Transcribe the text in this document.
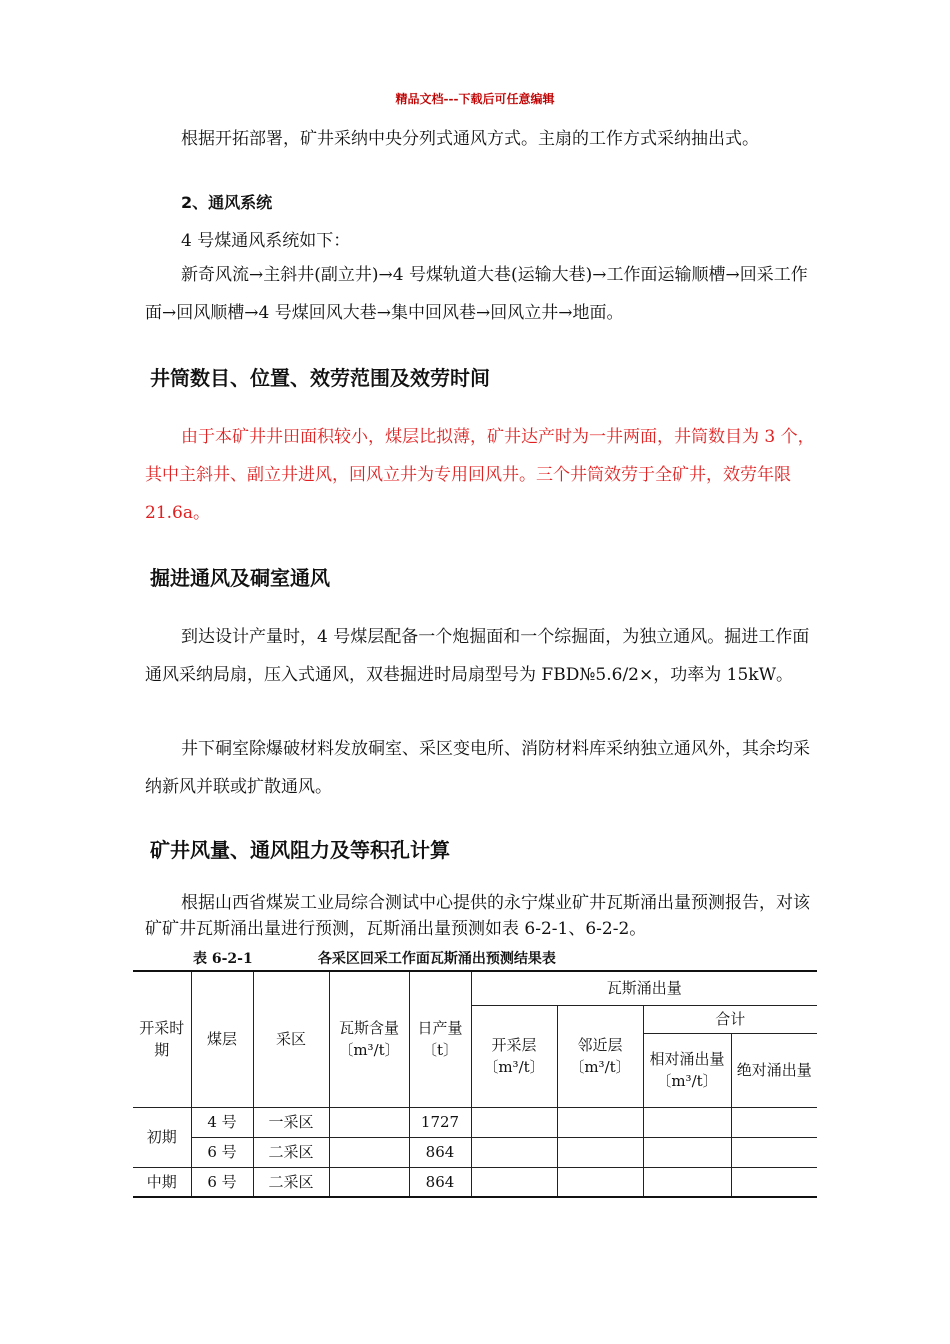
精品文档---下载后可任意编辑

根据开拓部署，矿井采纳中央分列式通风方式。主扇的工作方式采纳抽出式。

2、通风系统

4 号煤通风系统如下：

新奇风流→主斜井(副立井)→4 号煤轨道大巷(运输大巷)→工作面运输顺槽→回采工作面→回风顺槽→4 号煤回风大巷→集中回风巷→回风立井→地面。

井筒数目、位置、效劳范围及效劳时间

由于本矿井井田面积较小，煤层比拟薄，矿井达产时为一井两面，井筒数目为 3 个，其中主斜井、副立井进风，回风立井为专用回风井。三个井筒效劳于全矿井，效劳年限 21.6a。

掘进通风及硐室通风

到达设计产量时，4 号煤层配备一个炮掘面和一个综掘面，为独立通风。掘进工作面通风采纳局扇，压入式通风，双巷掘进时局扇型号为 FBD№5.6/2×，功率为 15kW。

井下硐室除爆破材料发放硐室、采区变电所、消防材料库采纳独立通风外，其余均采纳新风并联或扩散通风。

矿井风量、通风阻力及等积孔计算

根据山西省煤炭工业局综合测试中心提供的永宁煤业矿井瓦斯涌出量预测报告，对该矿矿井瓦斯涌出量进行预测，瓦斯涌出量预测如表 6-2-1、6-2-2。

表 6-2-1	各采区回采工作面瓦斯涌出预测结果表
开采时期	煤层	采区	瓦斯含量〔m³/t〕	日产量〔t〕	瓦斯涌出量			
					开采层〔m³/t〕	邻近层〔m³/t〕	合计	
							相对涌出量〔m³/t〕	绝对涌出量
初期	4 号	一采区		1727				
	6 号	二采区		864				
中期	6 号	二采区		864				
